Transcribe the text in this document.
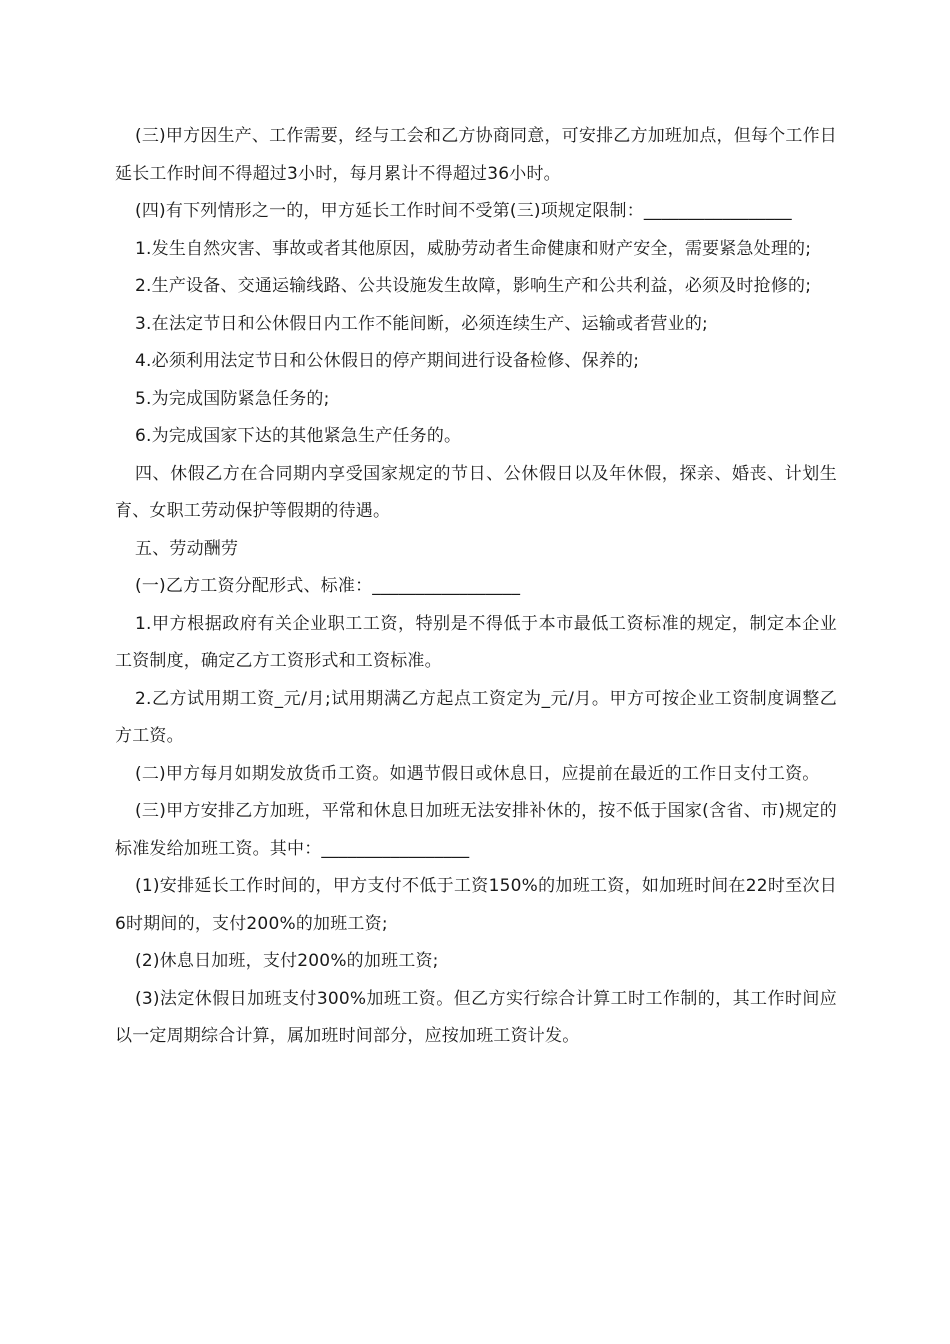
(三)甲方因生产、工作需要，经与工会和乙方协商同意，可安排乙方加班加点，但每个工作日延长工作时间不得超过3小时，每月累计不得超过36小时。

(四)有下列情形之一的，甲方延长工作时间不受第(三)项规定限制：_________________

1.发生自然灾害、事故或者其他原因，威胁劳动者生命健康和财产安全，需要紧急处理的;

2.生产设备、交通运输线路、公共设施发生故障，影响生产和公共利益，必须及时抢修的;

3.在法定节日和公休假日内工作不能间断，必须连续生产、运输或者营业的;

4.必须利用法定节日和公休假日的停产期间进行设备检修、保养的;

5.为完成国防紧急任务的;

6.为完成国家下达的其他紧急生产任务的。

四、休假乙方在合同期内享受国家规定的节日、公休假日以及年休假，探亲、婚丧、计划生育、女职工劳动保护等假期的待遇。

五、劳动酬劳

(一)乙方工资分配形式、标准：_________________

1.甲方根据政府有关企业职工工资，特别是不得低于本市最低工资标准的规定，制定本企业工资制度，确定乙方工资形式和工资标准。

2.乙方试用期工资_元/月;试用期满乙方起点工资定为_元/月。甲方可按企业工资制度调整乙方工资。

(二)甲方每月如期发放货币工资。如遇节假日或休息日，应提前在最近的工作日支付工资。

(三)甲方安排乙方加班，平常和休息日加班无法安排补休的，按不低于国家(含省、市)规定的标准发给加班工资。其中：_________________

(1)安排延长工作时间的，甲方支付不低于工资150%的加班工资，如加班时间在22时至次日6时期间的，支付200%的加班工资;

(2)休息日加班，支付200%的加班工资;

(3)法定休假日加班支付300%加班工资。但乙方实行综合计算工时工作制的，其工作时间应以一定周期综合计算，属加班时间部分，应按加班工资计发。
